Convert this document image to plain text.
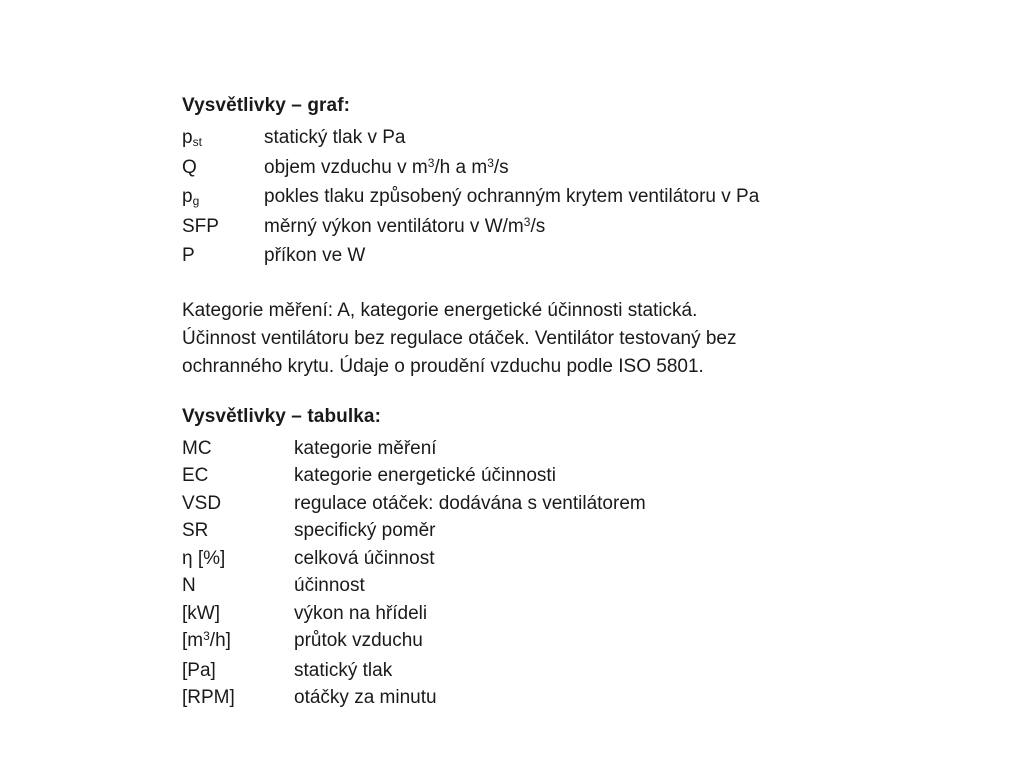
Vysvětlivky – graf:
$p_{st}$	statický tlak v Pa
Q	objem vzduchu v $m^3/h$ a $m^3/s$
$p_g$	pokles tlaku způsobený ochranným krytem ventilátoru v Pa
SFP	měrný výkon ventilátoru v $W/m^3/s$
P	příkon ve W

Kategorie měření: A, kategorie energetické účinnosti statická.

Účinnost ventilátoru bez regulace otáček. Ventilátor testovaný bez

ochranného krytu. Údaje o proudění vzduchu podle ISO 5801.

Vysvětlivky – tabulka:
MC	kategorie měření
EC	kategorie energetické účinnosti
VSD	regulace otáček: dodávána s ventilátorem
SR	specifický poměr
η [%]	celková účinnost
N	účinnost
[kW]	výkon na hřídeli
$[m^3/h]$	průtok vzduchu
[Pa]	statický tlak
[RPM]	otáčky za minutu
